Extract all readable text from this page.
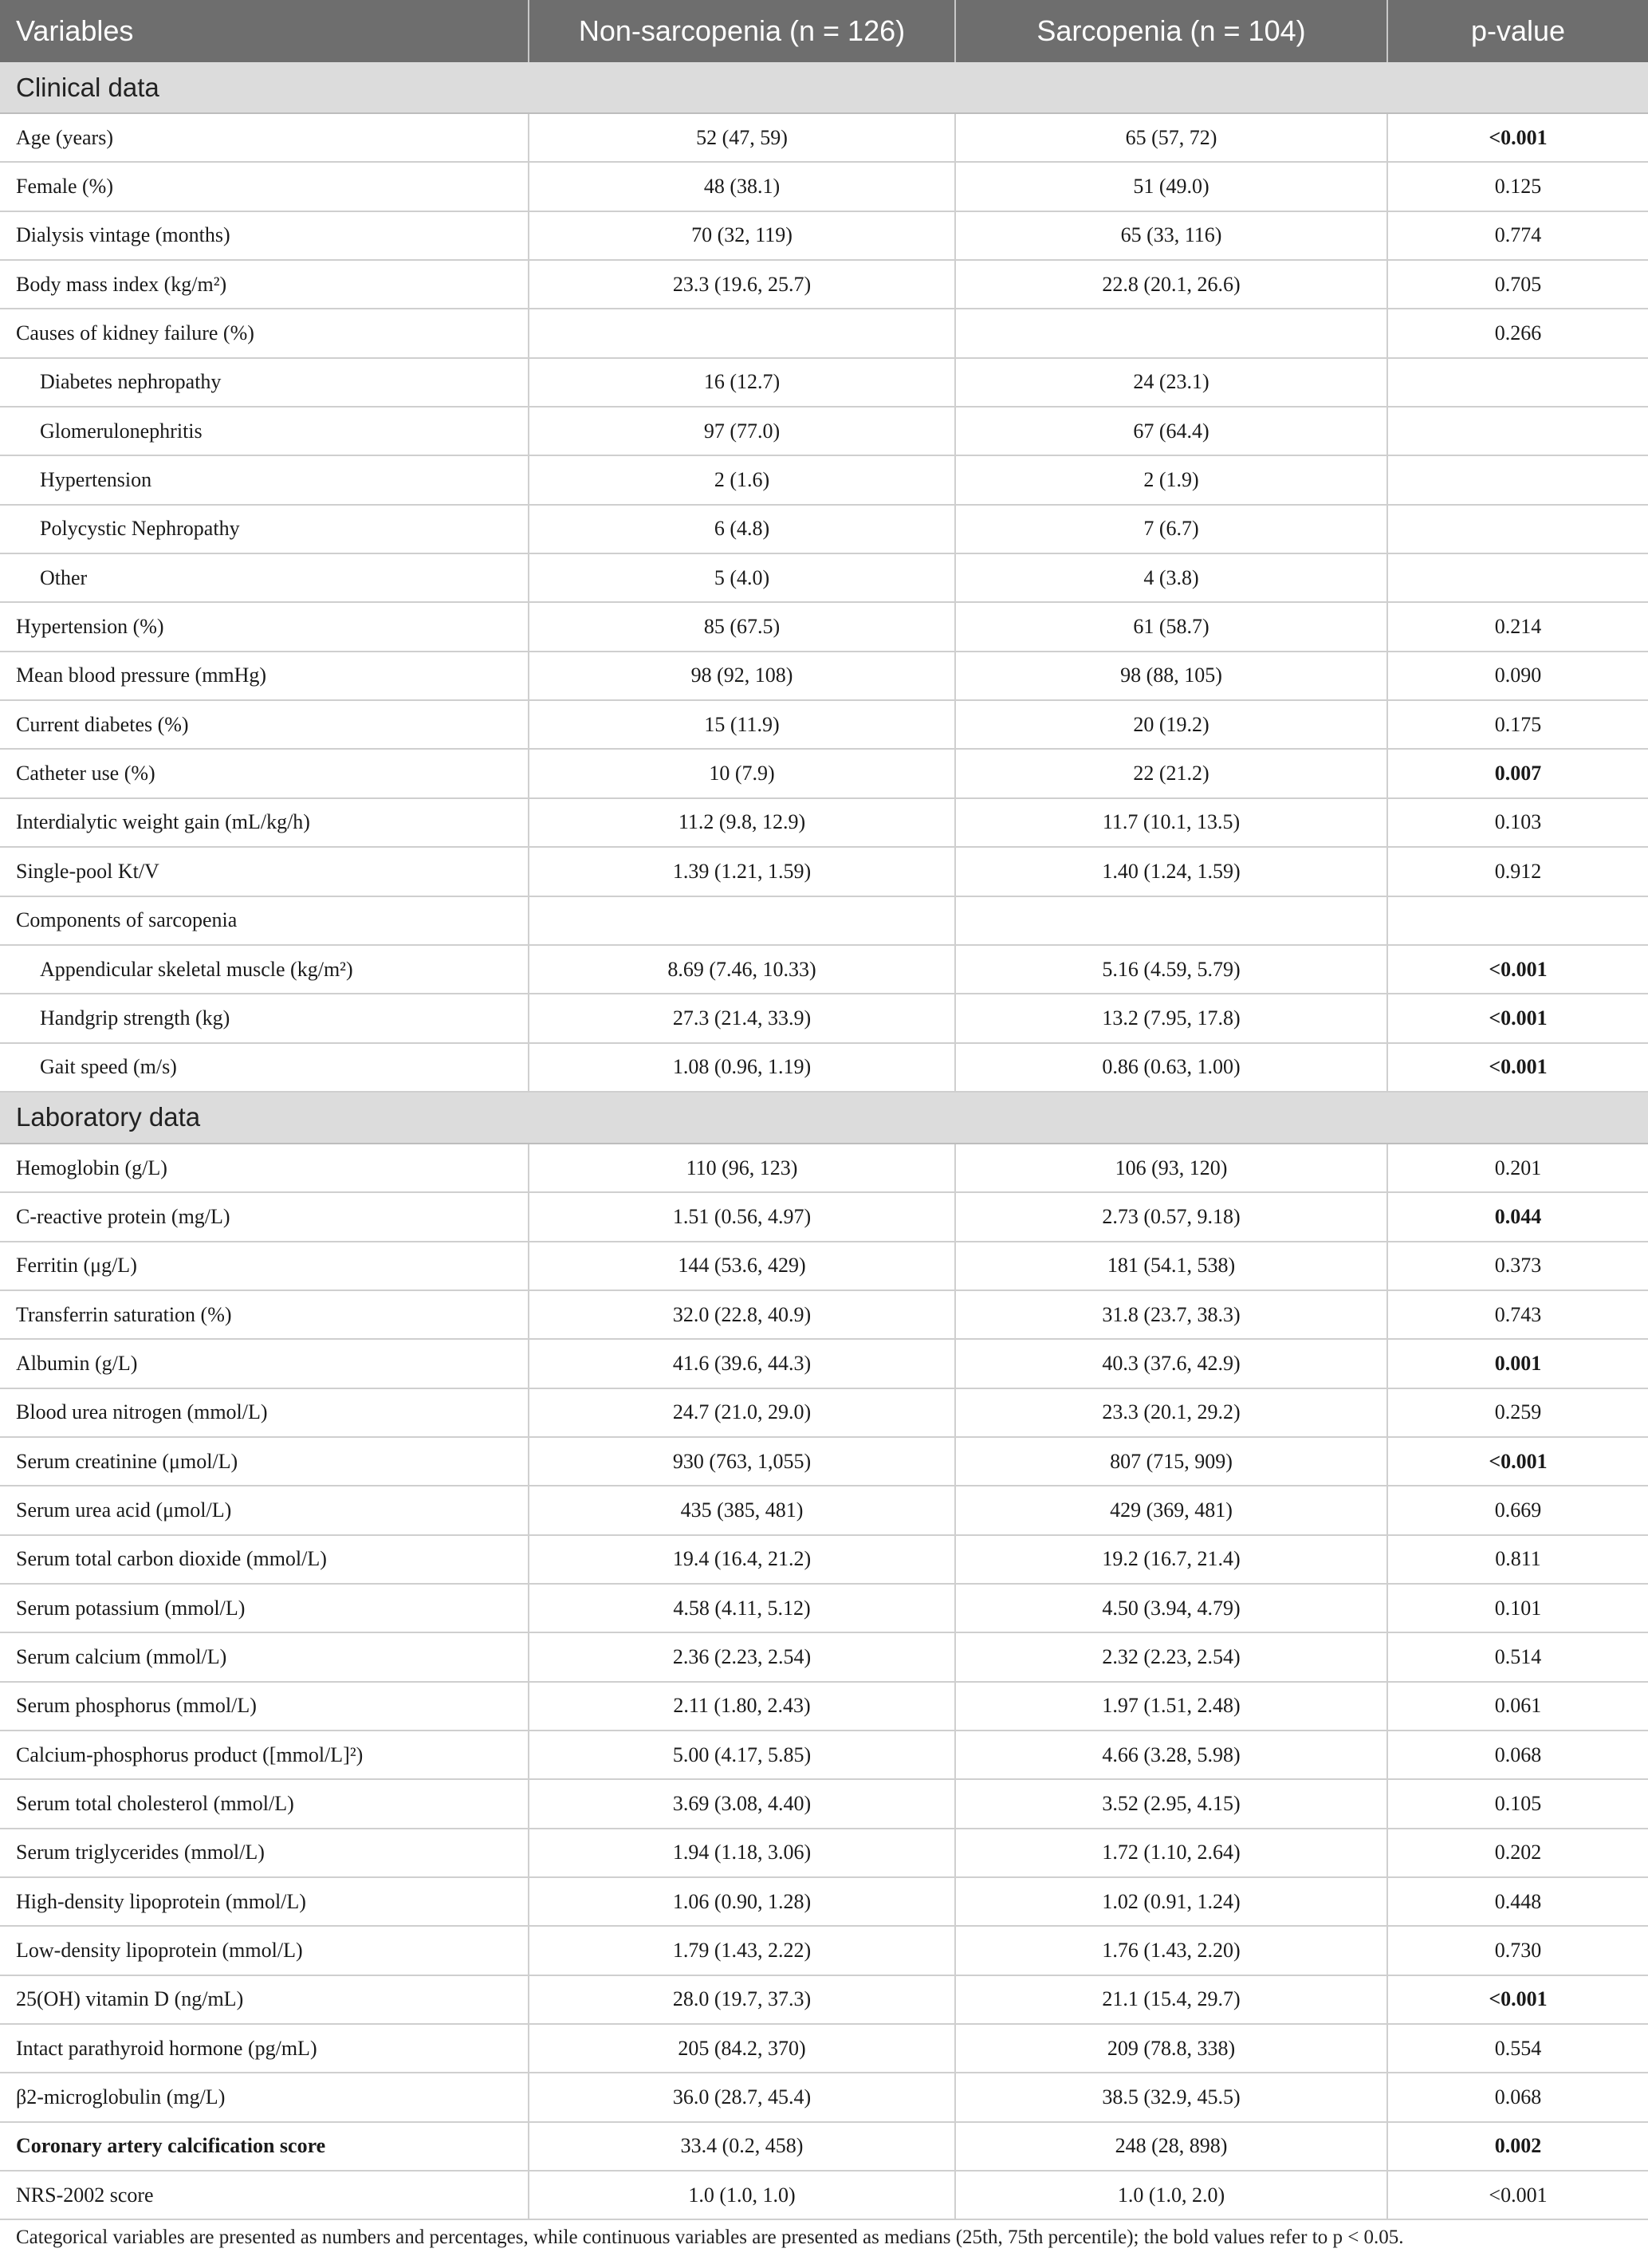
Variables	Non-sarcopenia (n = 126)	Sarcopenia (n = 104)	p-value
Clinical data			
Age (years)	52 (47, 59)	65 (57, 72)	<0.001
Female (%)	48 (38.1)	51 (49.0)	0.125
Dialysis vintage (months)	70 (32, 119)	65 (33, 116)	0.774
Body mass index (kg/m²)	23.3 (19.6, 25.7)	22.8 (20.1, 26.6)	0.705
Causes of kidney failure (%)			0.266
Diabetes nephropathy	16 (12.7)	24 (23.1)	
Glomerulonephritis	97 (77.0)	67 (64.4)	
Hypertension	2 (1.6)	2 (1.9)	
Polycystic Nephropathy	6 (4.8)	7 (6.7)	
Other	5 (4.0)	4 (3.8)	
Hypertension (%)	85 (67.5)	61 (58.7)	0.214
Mean blood pressure (mmHg)	98 (92, 108)	98 (88, 105)	0.090
Current diabetes (%)	15 (11.9)	20 (19.2)	0.175
Catheter use (%)	10 (7.9)	22 (21.2)	0.007
Interdialytic weight gain (mL/kg/h)	11.2 (9.8, 12.9)	11.7 (10.1, 13.5)	0.103
Single-pool Kt/V	1.39 (1.21, 1.59)	1.40 (1.24, 1.59)	0.912
Components of sarcopenia			
Appendicular skeletal muscle (kg/m²)	8.69 (7.46, 10.33)	5.16 (4.59, 5.79)	<0.001
Handgrip strength (kg)	27.3 (21.4, 33.9)	13.2 (7.95, 17.8)	<0.001
Gait speed (m/s)	1.08 (0.96, 1.19)	0.86 (0.63, 1.00)	<0.001
Laboratory data			
Hemoglobin (g/L)	110 (96, 123)	106 (93, 120)	0.201
C-reactive protein (mg/L)	1.51 (0.56, 4.97)	2.73 (0.57, 9.18)	0.044
Ferritin (μg/L)	144 (53.6, 429)	181 (54.1, 538)	0.373
Transferrin saturation (%)	32.0 (22.8, 40.9)	31.8 (23.7, 38.3)	0.743
Albumin (g/L)	41.6 (39.6, 44.3)	40.3 (37.6, 42.9)	0.001
Blood urea nitrogen (mmol/L)	24.7 (21.0, 29.0)	23.3 (20.1, 29.2)	0.259
Serum creatinine (μmol/L)	930 (763, 1,055)	807 (715, 909)	<0.001
Serum urea acid (μmol/L)	435 (385, 481)	429 (369, 481)	0.669
Serum total carbon dioxide (mmol/L)	19.4 (16.4, 21.2)	19.2 (16.7, 21.4)	0.811
Serum potassium (mmol/L)	4.58 (4.11, 5.12)	4.50 (3.94, 4.79)	0.101
Serum calcium (mmol/L)	2.36 (2.23, 2.54)	2.32 (2.23, 2.54)	0.514
Serum phosphorus (mmol/L)	2.11 (1.80, 2.43)	1.97 (1.51, 2.48)	0.061
Calcium-phosphorus product ([mmol/L]²)	5.00 (4.17, 5.85)	4.66 (3.28, 5.98)	0.068
Serum total cholesterol (mmol/L)	3.69 (3.08, 4.40)	3.52 (2.95, 4.15)	0.105
Serum triglycerides (mmol/L)	1.94 (1.18, 3.06)	1.72 (1.10, 2.64)	0.202
High-density lipoprotein (mmol/L)	1.06 (0.90, 1.28)	1.02 (0.91, 1.24)	0.448
Low-density lipoprotein (mmol/L)	1.79 (1.43, 2.22)	1.76 (1.43, 2.20)	0.730
25(OH) vitamin D (ng/mL)	28.0 (19.7, 37.3)	21.1 (15.4, 29.7)	<0.001
Intact parathyroid hormone (pg/mL)	205 (84.2, 370)	209 (78.8, 338)	0.554
β2-microglobulin (mg/L)	36.0 (28.7, 45.4)	38.5 (32.9, 45.5)	0.068
Coronary artery calcification score	33.4 (0.2, 458)	248 (28, 898)	0.002
NRS-2002 score	1.0 (1.0, 1.0)	1.0 (1.0, 2.0)	<0.001
Categorical variables are presented as numbers and percentages, while continuous variables are presented as medians (25th, 75th percentile); the bold values refer to p < 0.05.
